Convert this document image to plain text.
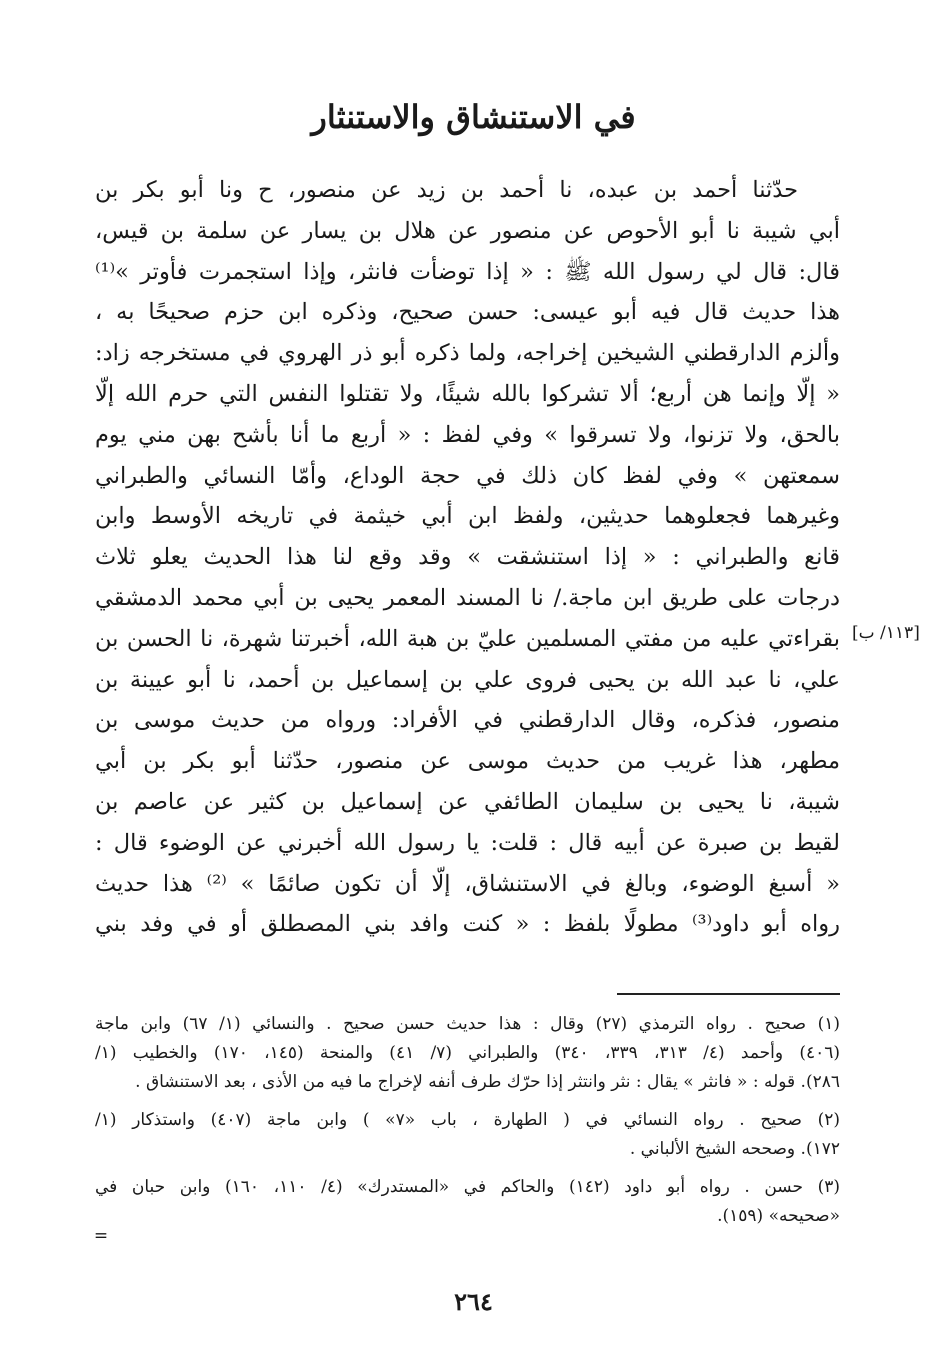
في الاستنشاق والاستنثار
حدّثنا أحمد بن عبده، نا أحمد بن زيد عن منصور، ح ونا أبو بكر بن
أبي شيبة نا أبو الأحوص عن منصور عن هلال بن يسار عن سلمة بن قيس،
قال: قال لي رسول الله ﷺ : « إذا توضأت فانثر، وإذا استجمرت فأوتر »⁽¹⁾
هذا حديث قال فيه أبو عيسى: حسن صحيح، وذكره ابن حزم صحيحًا به ،
وألزم الدارقطني الشيخين إخراجه، ولما ذكره أبو ذر الهروي في مستخرجه زاد:
« إلّا وإنما هن أربع؛ ألا تشركوا بالله شيئًا، ولا تقتلوا النفس التي حرم الله إلّا
بالحق، ولا تزنوا، ولا تسرقوا » وفي لفظ : « أربع ما أنا بأشح بهن مني يوم
سمعتهن » وفي لفظ كان ذلك في حجة الوداع، وأمّا النسائي والطبراني
وغيرهما فجعلوهما حديثين، ولفظ ابن أبي خيثمة في تاريخه الأوسط وابن
قانع والطبراني : « إذا استنشقت » وقد وقع لنا هذا الحديث يعلو ثلاث
درجات على طريق ابن ماجة./ نا المسند المعمر يحيى بن أبي محمد الدمشقي
بقراءتي عليه من مفتي المسلمين عليّ بن هبة الله، أخبرتنا شهرة، نا الحسن بن
علي، نا عبد الله بن يحيى فروى علي بن إسماعيل بن أحمد، نا أبو عيينة بن
منصور، فذكره، وقال الدارقطني في الأفراد: ورواه من حديث موسى بن
مطهر، هذا غريب من حديث موسى عن منصور، حدّثنا أبو بكر بن أبي
شيبة، نا يحيى بن سليمان الطائفي عن إسماعيل بن كثير عن عاصم بن
لقيط بن صبرة عن أبيه قال : قلت: يا رسول الله أخبرني عن الوضوء قال :
« أسبغ الوضوء، وبالغ في الاستنشاق، إلّا أن تكون صائمًا » ⁽²⁾ هذا حديث
رواه أبو داود⁽³⁾ مطولًا بلفظ : « كنت وافد بني المصطلق أو في وفد بني
[١١٣/ ب]
(١) صحيح . رواه الترمذي (٢٧) وقال : هذا حديث حسن صحيح . والنسائي (١/ ٦٧) وابن ماجة
(٤٠٦) وأحمد (٤/ ٣١٣، ٣٣٩، ٣٤٠) والطبراني (٧/ ٤١) والمنحة (١٤٥، ١٧٠) والخطيب (١/
٢٨٦). قوله : « فانثر » يقال : نثر وانتثر إذا حرّك طرف أنفه لإخراج ما فيه من الأذى ، بعد الاستنشاق .
(٢) صحيح . رواه النسائي في ( الطهارة ، باب «٧» ) وابن ماجة (٤٠٧) واستذكار (١/
١٧٢). وصححه الشيخ الألباني .
(٣) حسن . رواه أبو داود (١٤٢) والحاكم في «المستدرك» (٤/ ١١٠، ١٦٠) وابن حبان في
«صحيحه» (١٥٩).
=
٢٦٤
